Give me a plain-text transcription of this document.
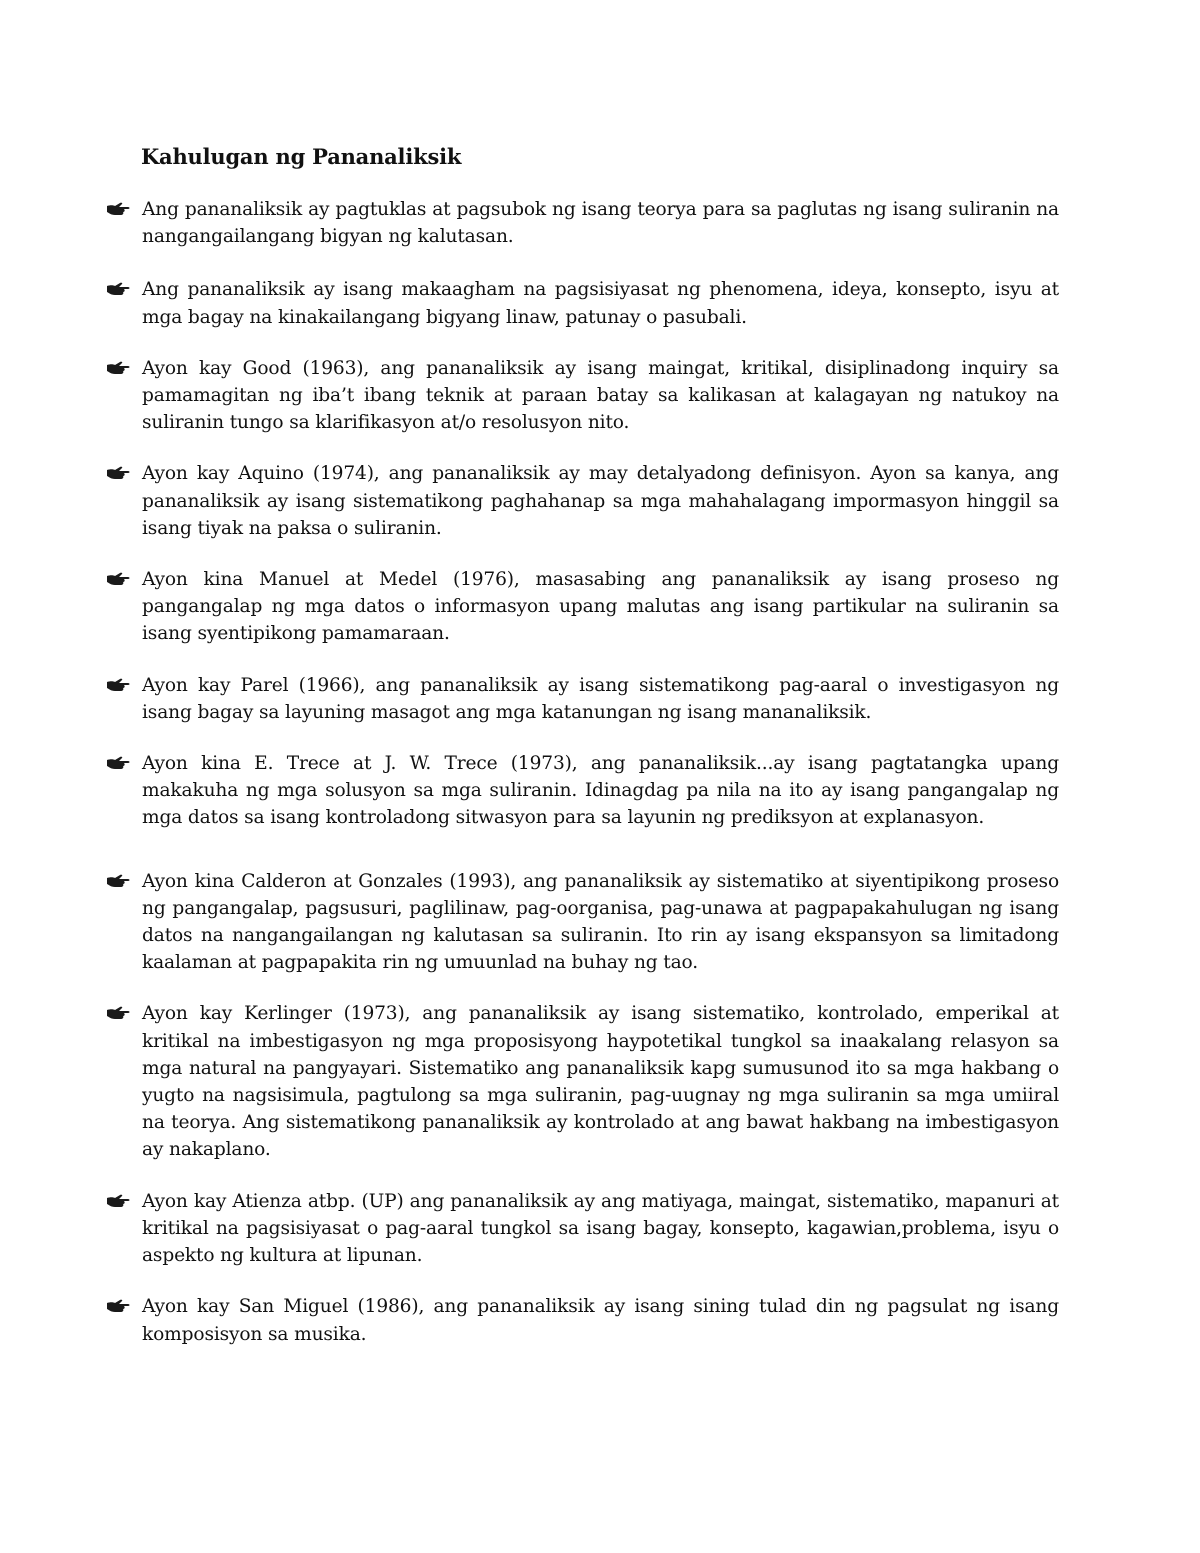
Kahulugan ng Pananaliksik
Ang pananaliksik ay pagtuklas at pagsubok ng isang teorya para sa paglutas ng isang suliranin na nangangailangang bigyan ng kalutasan.
Ang pananaliksik ay isang makaagham na pagsisiyasat ng phenomena, ideya, konsepto, isyu at mga bagay na kinakailangang bigyang linaw, patunay o pasubali.
Ayon kay Good (1963), ang pananaliksik ay isang maingat, kritikal, disiplinadong inquiry sa pamamagitan ng iba’t ibang teknik at paraan batay sa kalikasan at kalagayan ng natukoy na suliranin tungo sa klarifikasyon at/o resolusyon nito.
Ayon kay Aquino (1974), ang pananaliksik ay may detalyadong definisyon. Ayon sa kanya, ang pananaliksik ay isang sistematikong paghahanap sa mga mahahalagang impormasyon hinggil sa isang tiyak na paksa o suliranin.
Ayon kina Manuel at Medel (1976), masasabing ang pananaliksik ay isang proseso ng pangangalap ng mga datos o informasyon upang malutas ang isang partikular na suliranin sa isang syentipikong pamamaraan.
Ayon kay Parel (1966), ang pananaliksik ay isang sistematikong pag-aaral o investigasyon ng isang bagay sa layuning masagot ang mga katanungan ng isang mananaliksik.
Ayon kina E. Trece at J. W. Trece (1973), ang pananaliksik...ay isang pagtatangka upang makakuha ng mga solusyon sa mga suliranin. Idinagdag pa nila na ito ay isang pangangalap ng mga datos sa isang kontroladong sitwasyon para sa layunin ng prediksyon at explanasyon.
Ayon kina Calderon at Gonzales (1993), ang pananaliksik ay sistematiko at siyentipikong proseso ng pangangalap, pagsusuri, paglilinaw, pag-oorganisa, pag-unawa at pagpapakahulugan ng isang datos na nangangailangan ng kalutasan sa suliranin. Ito rin ay isang ekspansyon sa limitadong kaalaman at pagpapakita rin ng umuunlad na buhay ng tao.
Ayon kay Kerlinger (1973), ang pananaliksik ay isang sistematiko, kontrolado, emperikal at kritikal na imbestigasyon ng mga proposisyong haypotetikal tungkol sa inaakalang relasyon sa mga natural na pangyayari. Sistematiko ang pananaliksik kapg sumusunod ito sa mga hakbang o yugto na nagsisimula, pagtulong sa mga suliranin, pag-uugnay ng mga suliranin sa mga umiiral na teorya. Ang sistematikong pananaliksik ay kontrolado at ang bawat hakbang na imbestigasyon ay nakaplano.
Ayon kay Atienza atbp. (UP) ang pananaliksik ay ang matiyaga, maingat, sistematiko, mapanuri at kritikal na pagsisiyasat o pag-aaral tungkol sa isang bagay, konsepto, kagawian,problema, isyu o aspekto ng kultura at lipunan.
Ayon kay San Miguel (1986), ang pananaliksik ay isang sining tulad din ng pagsulat ng isang komposisyon sa musika.
